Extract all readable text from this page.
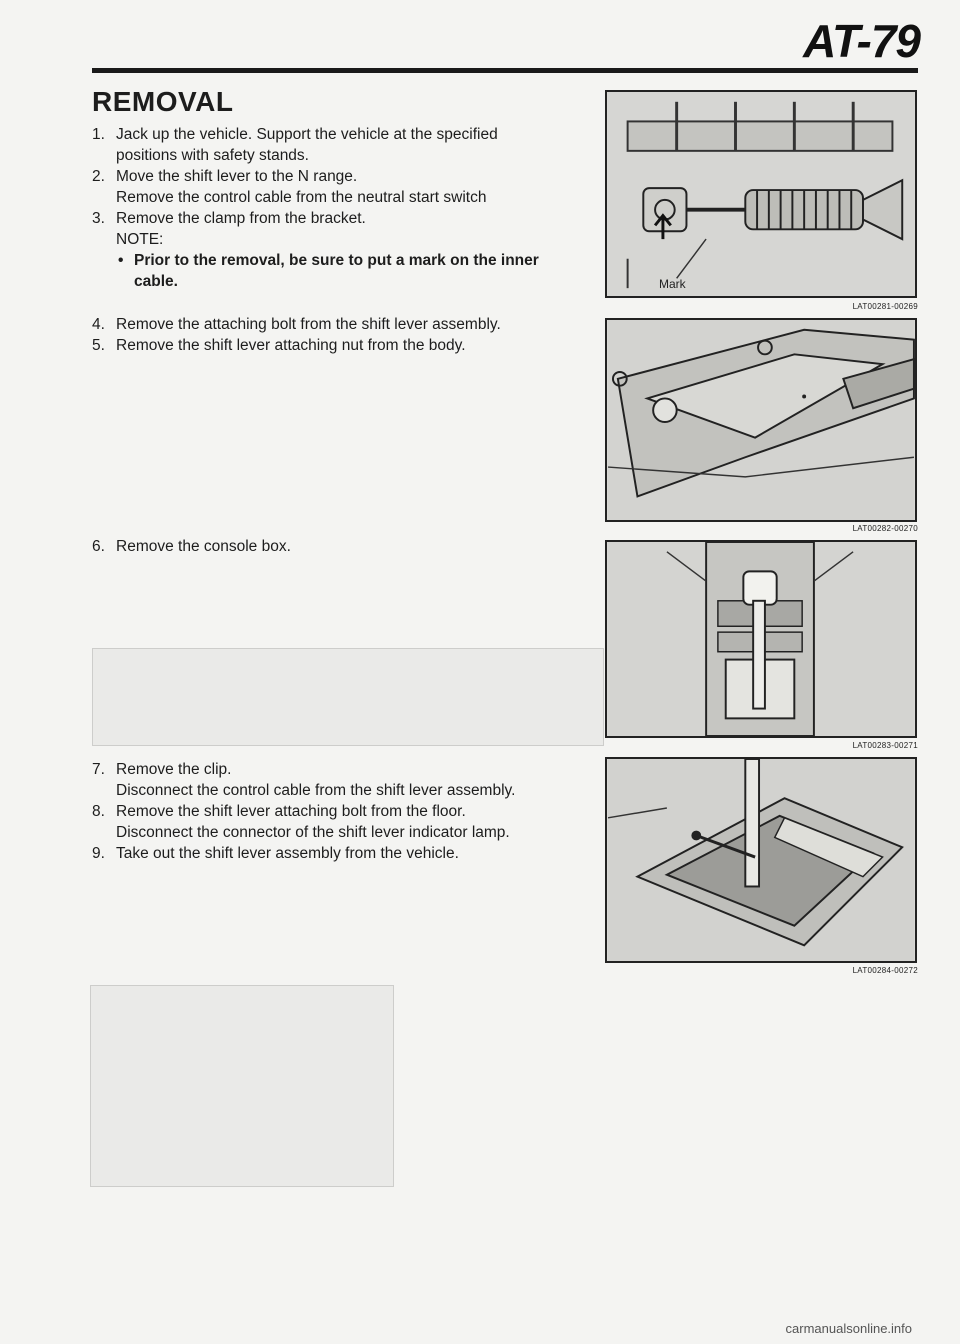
AT-79
REMOVAL
1. Jack up the vehicle. Support the vehicle at the specified
positions with safety stands.
2. Move the shift lever to the N range.
Remove the control cable from the neutral start switch
3. Remove the clamp from the bracket.
NOTE:
• Prior to the removal, be sure to put a mark on the inner
cable.
4. Remove the attaching bolt from the shift lever assembly.
5. Remove the shift lever attaching nut from the body.
6. Remove the console box.
7. Remove the clip.
Disconnect the control cable from the shift lever assembly.
8. Remove the shift lever attaching bolt from the floor.
Disconnect the connector of the shift lever indicator lamp.
9. Take out the shift lever assembly from the vehicle.
Mark
LAT00281-00269
LAT00282-00270
LAT00283-00271
LAT00284-00272
carmanualsonline.info
